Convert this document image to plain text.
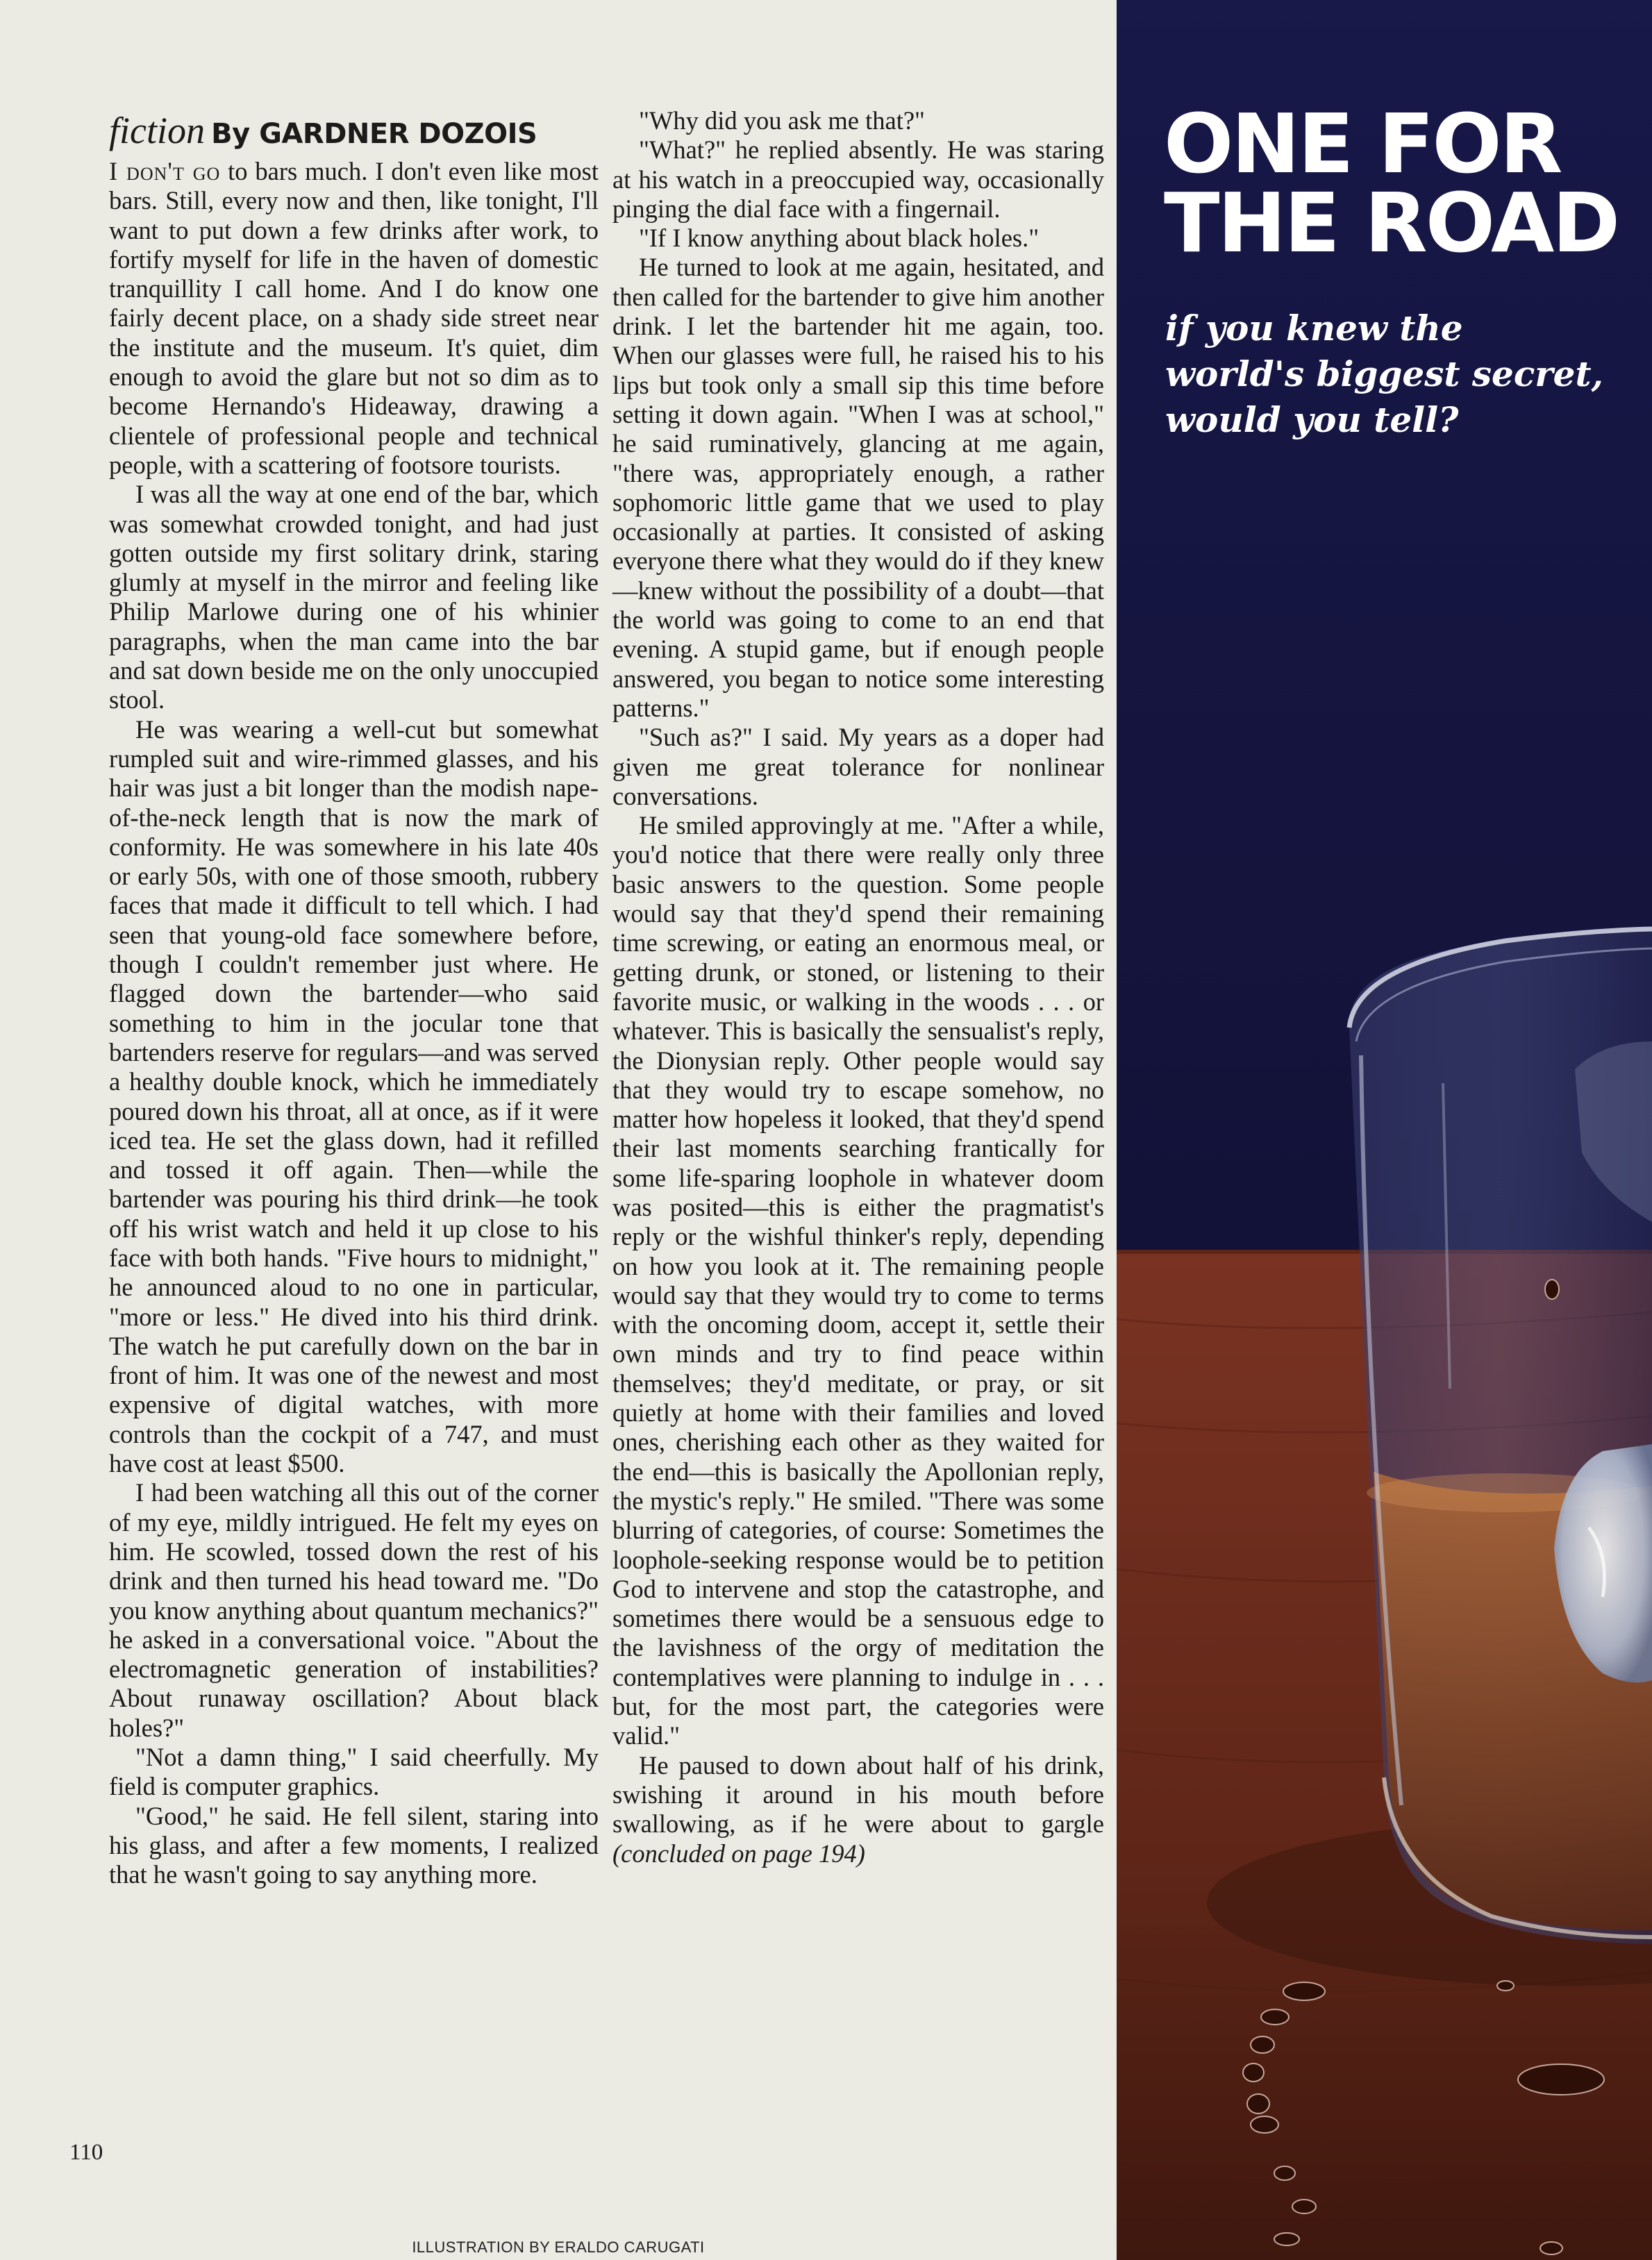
fiction By GARDNER DOZOIS

I don't go to bars much. I don't even like most bars. Still, every now and then, like tonight, I'll want to put down a few drinks after work, to fortify myself for life in the haven of domestic tranquillity I call home. And I do know one fairly decent place, on a shady side street near the institute and the museum. It's quiet, dim enough to avoid the glare but not so dim as to become Hernando's Hideaway, drawing a clientele of professional people and technical people, with a scattering of footsore tourists.

I was all the way at one end of the bar, which was somewhat crowded tonight, and had just gotten outside my first solitary drink, staring glumly at myself in the mirror and feeling like Philip Marlowe during one of his whinier paragraphs, when the man came into the bar and sat down beside me on the only unoccupied stool.

He was wearing a well-cut but somewhat rumpled suit and wire-rimmed glasses, and his hair was just a bit longer than the modish nape-of-the-neck length that is now the mark of conformity. He was somewhere in his late 40s or early 50s, with one of those smooth, rubbery faces that made it difficult to tell which. I had seen that young-old face somewhere before, though I couldn't remember just where. He flagged down the bartender—who said something to him in the jocular tone that bartenders reserve for regulars—and was served a healthy double knock, which he immediately poured down his throat, all at once, as if it were iced tea. He set the glass down, had it refilled and tossed it off again. Then—while the bartender was pouring his third drink—he took off his wrist watch and held it up close to his face with both hands. "Five hours to midnight," he announced aloud to no one in particular, "more or less." He dived into his third drink. The watch he put carefully down on the bar in front of him. It was one of the newest and most expensive of digital watches, with more controls than the cockpit of a 747, and must have cost at least $500.

I had been watching all this out of the corner of my eye, mildly intrigued. He felt my eyes on him. He scowled, tossed down the rest of his drink and then turned his head toward me. "Do you know anything about quantum mechanics?" he asked in a conversational voice. "About the electromagnetic generation of instabilities? About runaway oscillation? About black holes?"

"Not a damn thing," I said cheerfully. My field is computer graphics.

"Good," he said. He fell silent, staring into his glass, and after a few moments, I realized that he wasn't going to say anything more.

"Why did you ask me that?"

"What?" he replied absently. He was staring at his watch in a preoccupied way, occasionally pinging the dial face with a fingernail.

"If I know anything about black holes."

He turned to look at me again, hesitated, and then called for the bartender to give him another drink. I let the bartender hit me again, too. When our glasses were full, he raised his to his lips but took only a small sip this time before setting it down again. "When I was at school," he said ruminatively, glancing at me again, "there was, appropriately enough, a rather sophomoric little game that we used to play occasionally at parties. It consisted of asking everyone there what they would do if they knew—knew without the possibility of a doubt—that the world was going to come to an end that evening. A stupid game, but if enough people answered, you began to notice some interesting patterns."

"Such as?" I said. My years as a doper had given me great tolerance for nonlinear conversations.

He smiled approvingly at me. "After a while, you'd notice that there were really only three basic answers to the question. Some people would say that they'd spend their remaining time screwing, or eating an enormous meal, or getting drunk, or stoned, or listening to their favorite music, or walking in the woods . . . or whatever. This is basically the sensualist's reply, the Dionysian reply. Other people would say that they would try to escape somehow, no matter how hopeless it looked, that they'd spend their last moments searching frantically for some life-sparing loophole in whatever doom was posited—this is either the pragmatist's reply or the wishful thinker's reply, depending on how you look at it. The remaining people would say that they would try to come to terms with the oncoming doom, accept it, settle their own minds and try to find peace within themselves; they'd meditate, or pray, or sit quietly at home with their families and loved ones, cherishing each other as they waited for the end—this is basically the Apollonian reply, the mystic's reply." He smiled. "There was some blurring of categories, of course: Sometimes the loophole-seeking response would be to petition God to intervene and stop the catastrophe, and sometimes there would be a sensuous edge to the lavishness of the orgy of meditation the contemplatives were planning to indulge in . . . but, for the most part, the categories were valid."

He paused to down about half of his drink, swishing it around in his mouth before swallowing, as if he were about to gargle (concluded on page 194)

110
ILLUSTRATION BY ERALDO CARUGATI
ONE FOR
THE ROAD

if you knew the
world's biggest secret,
would you tell?
